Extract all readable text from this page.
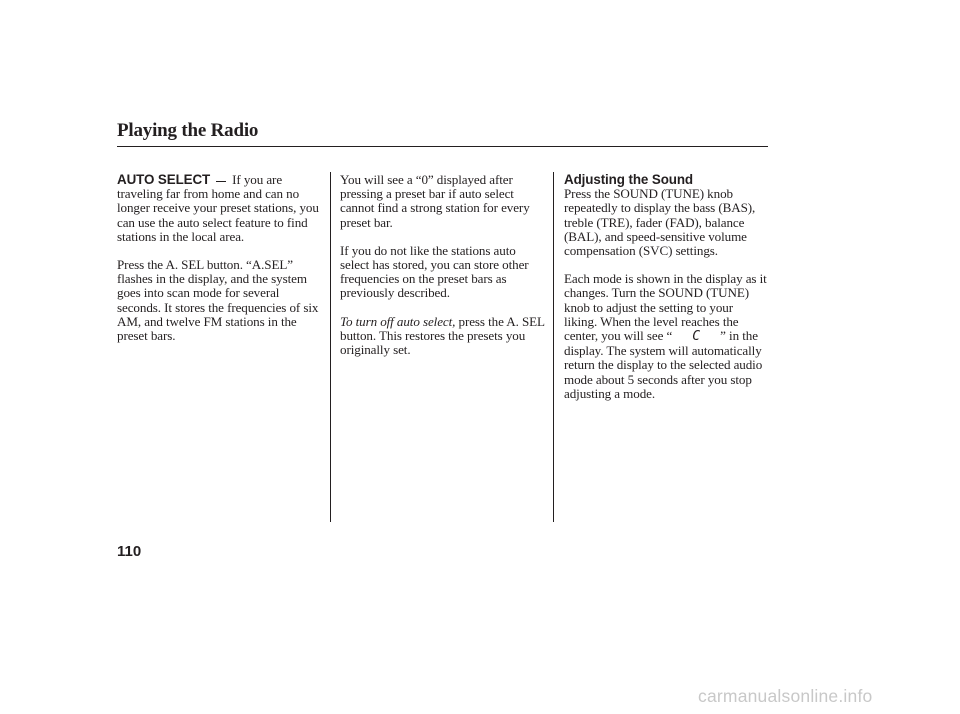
Playing the Radio

AUTO SELECT If you are traveling far from home and can no longer receive your preset stations, you can use the auto select feature to find stations in the local area.

Press the A. SEL button. “A.SEL” flashes in the display, and the system goes into scan mode for several seconds. It stores the frequencies of six AM, and twelve FM stations in the preset bars.

You will see a “0” displayed after pressing a preset bar if auto select cannot find a strong station for every preset bar.

If you do not like the stations auto select has stored, you can store other frequencies on the preset bars as previously described.

To turn off auto select, press the A. SEL button. This restores the presets you originally set.

Adjusting the Sound

Press the SOUND (TUNE) knob repeatedly to display the bass (BAS), treble (TRE), fader (FAD), balance (BAL), and speed-sensitive volume compensation (SVC) settings.

Each mode is shown in the display as it changes. Turn the SOUND (TUNE) knob to adjust the setting to your liking. When the level reaches the center, you will see “ C ” in the display. The system will automatically return the display to the selected audio mode about 5 seconds after you stop adjusting a mode.

110
carmanualsonline.info
